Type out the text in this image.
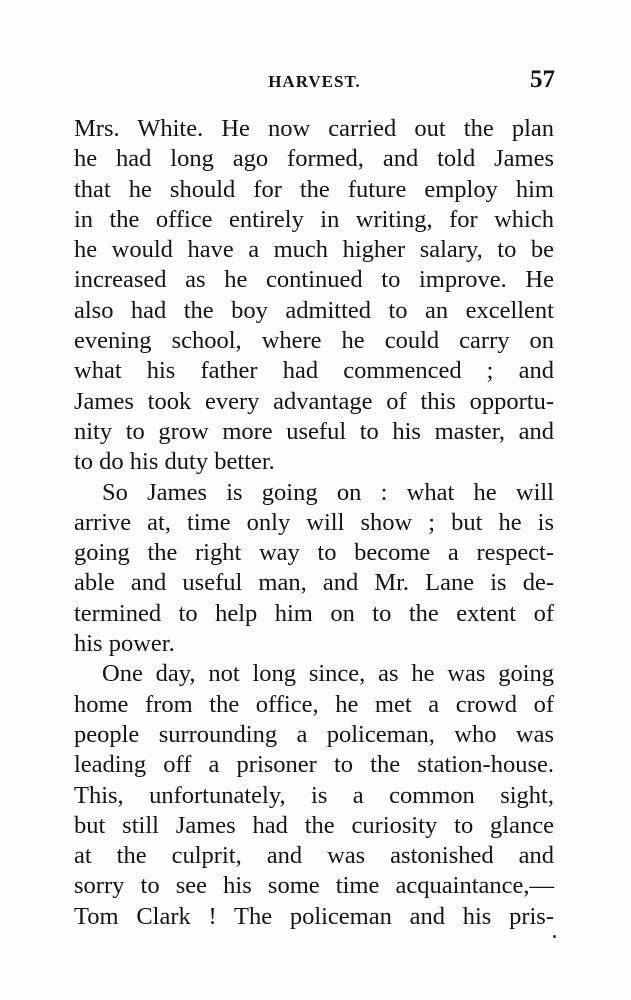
HARVEST.	57
Mrs. White. He now carried out the plan
he had long ago formed, and told James
that he should for the future employ him
in the office entirely in writing, for which
he would have a much higher salary, to be
increased as he continued to improve. He
also had the boy admitted to an excellent
evening school, where he could carry on
what his father had commenced ; and
James took every advantage of this opportu-
nity to grow more useful to his master, and
to do his duty better.
So James is going on : what he will
arrive at, time only will show ; but he is
going the right way to become a respect-
able and useful man, and Mr. Lane is de-
termined to help him on to the extent of
his power.
One day, not long since, as he was going
home from the office, he met a crowd of
people surrounding a policeman, who was
leading off a prisoner to the station-house.
This, unfortunately, is a common sight,
but still James had the curiosity to glance
at the culprit, and was astonished and
sorry to see his some time acquaintance,—
Tom Clark ! The policeman and his pris-
